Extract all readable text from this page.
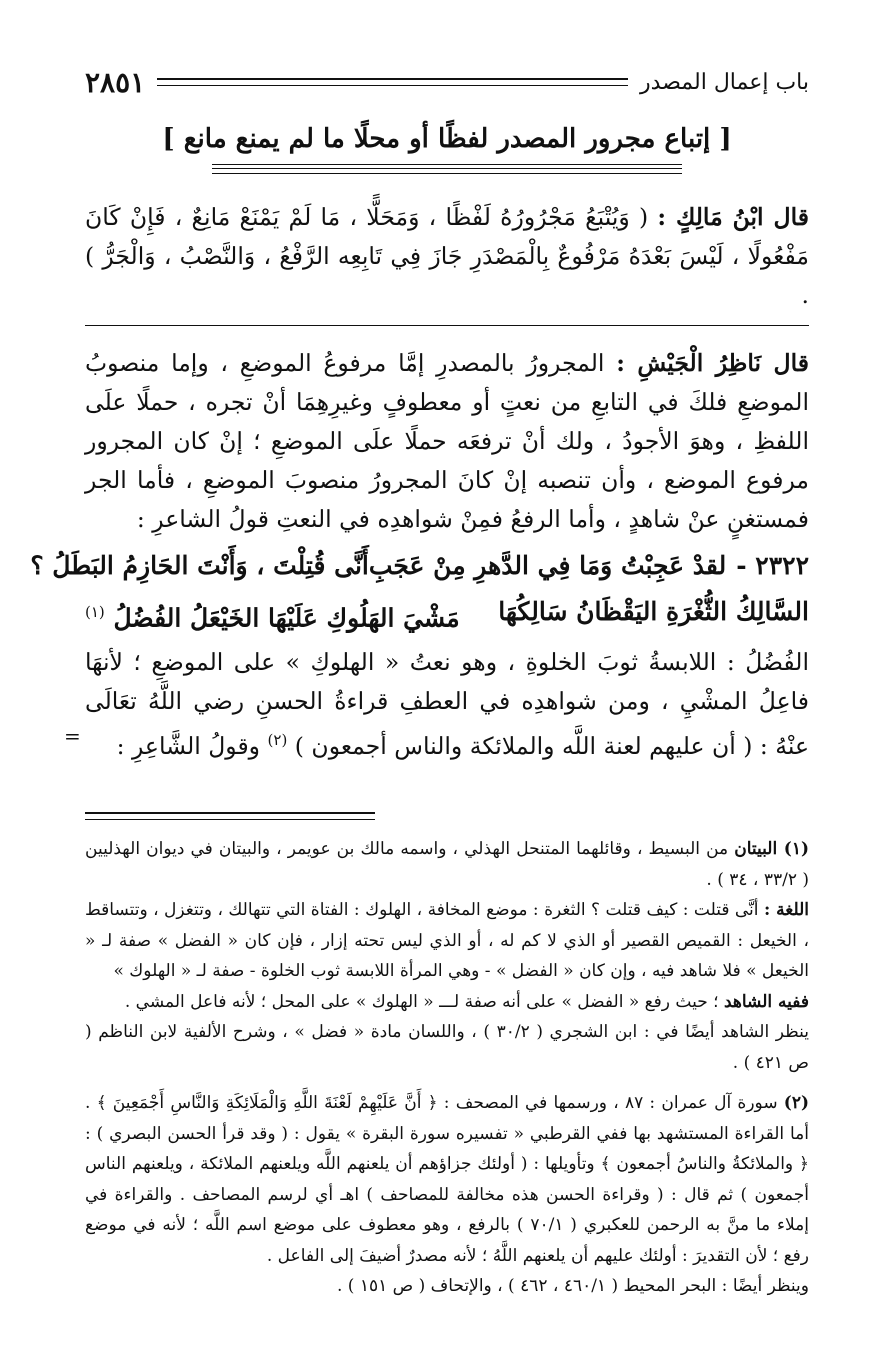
باب إعمال المصدر
٢٨٥١
[ إتباع مجرور المصدر لفظًا أو محلًا ما لم يمنع مانع ]

قال ابْنُ مَالِكٍ : ( وَيُتْبَعُ مَجْرُورُهُ لَفْظًا ، وَمَحَلًّا ، مَا لَمْ يَمْنَعْ مَانِعٌ ، فَإِنْ كَانَ مَفْعُولًا ، لَيْسَ بَعْدَهُ مَرْفُوعٌ بِالْمَصْدَرِ جَازَ فِي تَابِعِه الرَّفْعُ ، وَالنَّصْبُ ، وَالْجَرُّ ) .

قال نَاظِرُ الْجَيْشِ : المجرورُ بالمصدرِ إمَّا مرفوعُ الموضعِ ، وإما منصوبُ الموضعِ فلكَ في التابعِ من نعتٍ أو معطوفٍ وغيرِهِمَا أنْ تجره ، حملًا علَى اللفظِ ، وهوَ الأجودُ ، ولك أنْ ترفعَه حملًا علَى الموضعِ ؛ إنْ كان المجرور مرفوع الموضع ، وأن تنصبه إنْ كانَ المجرورُ منصوبَ الموضعِ ، فأما الجر فمستغنٍ عنْ شاهدٍ ، وأما الرفعُ فمِنْ شواهدِه في النعتِ قولُ الشاعرِ :

٢٣٢٢ -لقدْ عَجِبْتُ وَمَا فِي الدَّهرِ مِنْ عَجَبِ
أَنَّى قُتِلْتَ ، وَأَنْتَ الحَازِمُ البَطَلُ ؟
السَّالِكُ الثُّغْرَةِ اليَقْظَانُ سَالِكُهَا
مَشْيَ الهَلُوكِ عَلَيْهَا الخَيْعَلُ الفُضُلُ $^{(١)}$

الفُضُلُ : اللابسةُ ثوبَ الخلوةِ ، وهو نعتُ « الهلوكِ » على الموضعِ ؛ لأنهَا فاعِلُ المشْيِ ، ومن شواهدِه في العطفِ قراءةُ الحسنِ رضي اللَّهُ تعَالَى عنْهُ : ( أن عليهم لعنة اللَّه والملائكة والناس أجمعون ) $^{(٢)}$ وقولُ الشَّاعِرِ :

(١) البيتان من البسيط ، وقائلهما المتنحل الهذلي ، واسمه مالك بن عويمر ، والبيتان في ديوان الهذليين ( ٣٣/٢ ، ٣٤ ) .

اللغة : أنَّى قتلت : كيف قتلت ؟ الثغرة : موضع المخافة ، الهلوك : الفتاة التي تتهالك ، وتتغزل ، وتتساقط ، الخيعل : القميص القصير أو الذي لا كم له ، أو الذي ليس تحته إزار ، فإن كان « الفضل » صفة لـ « الخيعل » فلا شاهد فيه ، وإن كان « الفضل » - وهي المرأة اللابسة ثوب الخلوة - صفة لـ « الهلوك »

ففيه الشاهد ؛ حيث رفع « الفضل » على أنه صفة لـــ « الهلوك » على المحل ؛ لأنه فاعل المشي .

ينظر الشاهد أيضًا في : ابن الشجري ( ٣٠/٢ ) ، واللسان مادة « فضل » ، وشرح الألفية لابن الناظم ( ص ٤٢١ ) .

(٢) سورة آل عمران : ٨٧ ، ورسمها في المصحف : ﴿ أَنَّ عَلَيْهِمْ لَعْنَةَ اللَّهِ وَالْمَلَائِكَةِ وَالنَّاسِ أَجْمَعِينَ ﴾ . أما القراءة المستشهد بها ففي القرطبي « تفسيره سورة البقرة » يقول : ( وقد قرأ الحسن البصري ) : ﴿ والملائكةُ والناسُ أجمعون ﴾ وتأويلها : ( أولئك جزاؤهم أن يلعنهم اللَّه ويلعنهم الملائكة ، ويلعنهم الناس أجمعون ) ثم قال : ( وقراءة الحسن هذه مخالفة للمصاحف ) اهـ أي لرسم المصاحف . والقراءة في إملاء ما منَّ به الرحمن للعكبري ( ٧٠/١ ) بالرفع ، وهو معطوف على موضع اسم اللَّه ؛ لأنه في موضع رفع ؛ لأن التقديرَ : أولئك عليهم أن يلعنهم اللَّهُ ؛ لأنه مصدرٌ أضيفَ إلى الفاعل .

وينظر أيضًا : البحر المحيط ( ٤٦٠/١ ، ٤٦٢ ) ، والإتحاف ( ص ١٥١ ) .

=
